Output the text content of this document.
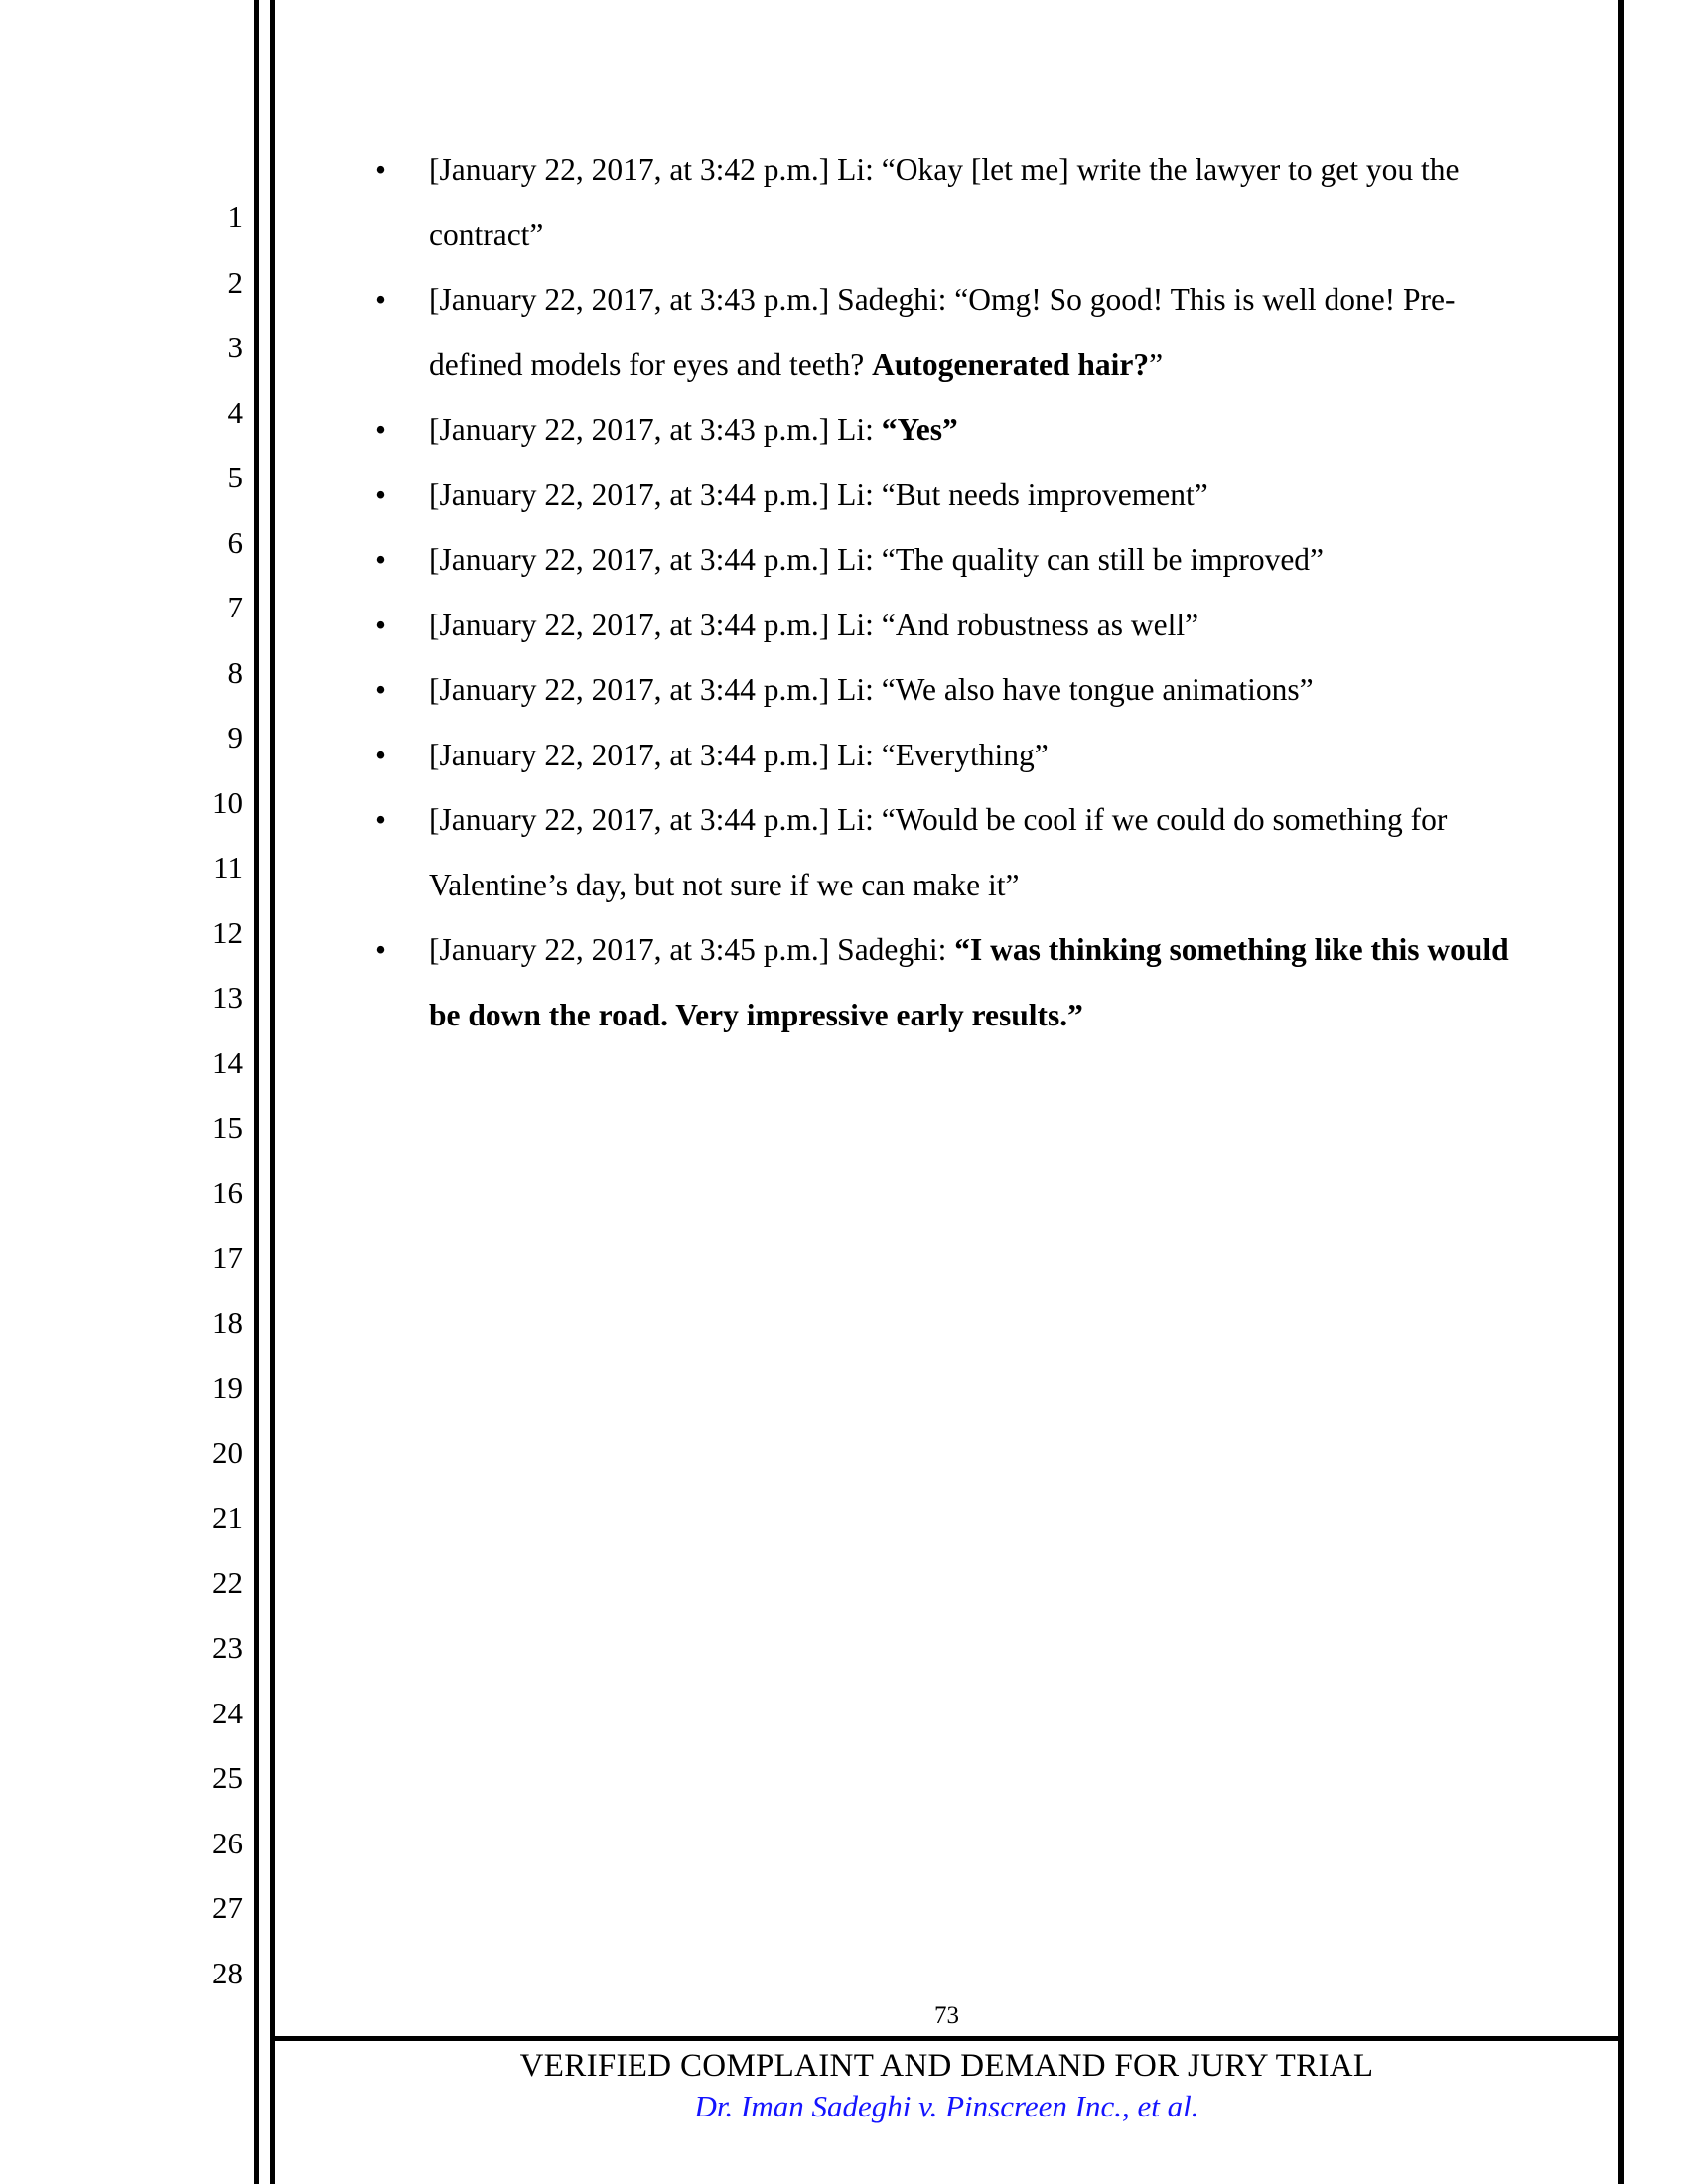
1
2
3
4
5
6
7
8
9
10
11
12
13
14
15
16
17
18
19
20
21
22
23
24
25
26
27
28

• [January 22, 2017, at 3:42 p.m.] Li: “Okay [let me] write the lawyer to get you the contract”

• [January 22, 2017, at 3:43 p.m.] Sadeghi: “Omg! So good! This is well done! Pre-defined models for eyes and teeth? Autogenerated hair?”

• [January 22, 2017, at 3:43 p.m.] Li: “Yes”

• [January 22, 2017, at 3:44 p.m.] Li: “But needs improvement”

• [January 22, 2017, at 3:44 p.m.] Li: “The quality can still be improved”

• [January 22, 2017, at 3:44 p.m.] Li: “And robustness as well”

• [January 22, 2017, at 3:44 p.m.] Li: “We also have tongue animations”

• [January 22, 2017, at 3:44 p.m.] Li: “Everything”

• [January 22, 2017, at 3:44 p.m.] Li: “Would be cool if we could do something for Valentine’s day, but not sure if we can make it”

• [January 22, 2017, at 3:45 p.m.] Sadeghi: “I was thinking something like this would be down the road. Very impressive early results.”

73
VERIFIED COMPLAINT AND DEMAND FOR JURY TRIAL
Dr. Iman Sadeghi v. Pinscreen Inc., et al.
